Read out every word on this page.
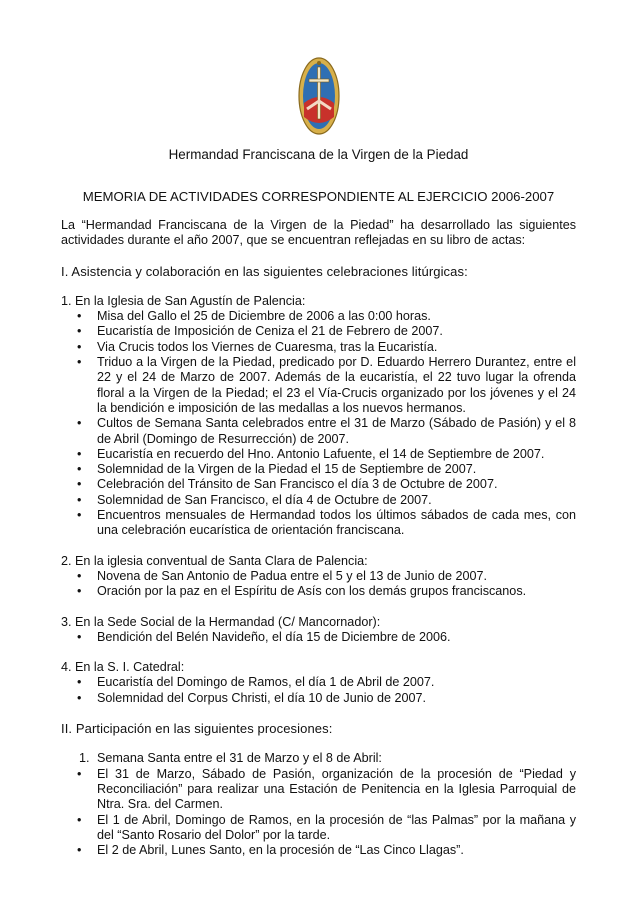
Hermandad Franciscana de la Virgen de la Piedad
MEMORIA DE ACTIVIDADES CORRESPONDIENTE AL EJERCICIO 2006-2007

La “Hermandad Franciscana de la Virgen de la Piedad” ha desarrollado las siguientes actividades durante el año 2007, que se encuentran reflejadas en su libro de actas:

I. Asistencia y colaboración en las siguientes celebraciones litúrgicas:

1. En la Iglesia de San Agustín de Palencia:

• Misa del Gallo el 25 de Diciembre de 2006 a las 0:00 horas.
• Eucaristía de Imposición de Ceniza el 21 de Febrero de 2007.
• Via Crucis todos los Viernes de Cuaresma, tras la Eucaristía.
• Triduo a la Virgen de la Piedad, predicado por D. Eduardo Herrero Durantez, entre el 22 y el 24 de Marzo de 2007. Además de la eucaristía, el 22 tuvo lugar la ofrenda floral a la Virgen de la Piedad; el 23 el Vía-Crucis organizado por los jóvenes y el 24 la bendición e imposición de las medallas a los nuevos hermanos.
• Cultos de Semana Santa celebrados entre el 31 de Marzo (Sábado de Pasión) y el 8 de Abril (Domingo de Resurrección) de 2007.
• Eucaristía en recuerdo del Hno. Antonio Lafuente, el 14 de Septiembre de 2007.
• Solemnidad de la Virgen de la Piedad el 15 de Septiembre de 2007.
• Celebración del Tránsito de San Francisco el día 3 de Octubre de 2007.
• Solemnidad de San Francisco, el día 4 de Octubre de 2007.
• Encuentros mensuales de Hermandad todos los últimos sábados de cada mes, con una celebración eucarística de orientación franciscana.

2. En la iglesia conventual de Santa Clara de Palencia:

• Novena de San Antonio de Padua entre el 5 y el 13 de Junio de 2007.
• Oración por la paz en el Espíritu de Asís con los demás grupos franciscanos.

3. En la Sede Social de la Hermandad (C/ Mancornador):

• Bendición del Belén Navideño, el día 15 de Diciembre de 2006.

4. En la S. I. Catedral:

• Eucaristía del Domingo de Ramos, el día 1 de Abril de 2007.
• Solemnidad del Corpus Christi, el día 10 de Junio de 2007.

II. Participación en las siguientes procesiones:

1. Semana Santa entre el 31 de Marzo y el 8 de Abril:
• El 31 de Marzo, Sábado de Pasión, organización de la procesión de “Piedad y Reconciliación” para realizar una Estación de Penitencia en la Iglesia Parroquial de Ntra. Sra. del Carmen.
• El 1 de Abril, Domingo de Ramos, en la procesión de “las Palmas” por la mañana y del “Santo Rosario del Dolor” por la tarde.
• El 2 de Abril, Lunes Santo, en la procesión de “Las Cinco Llagas”.
